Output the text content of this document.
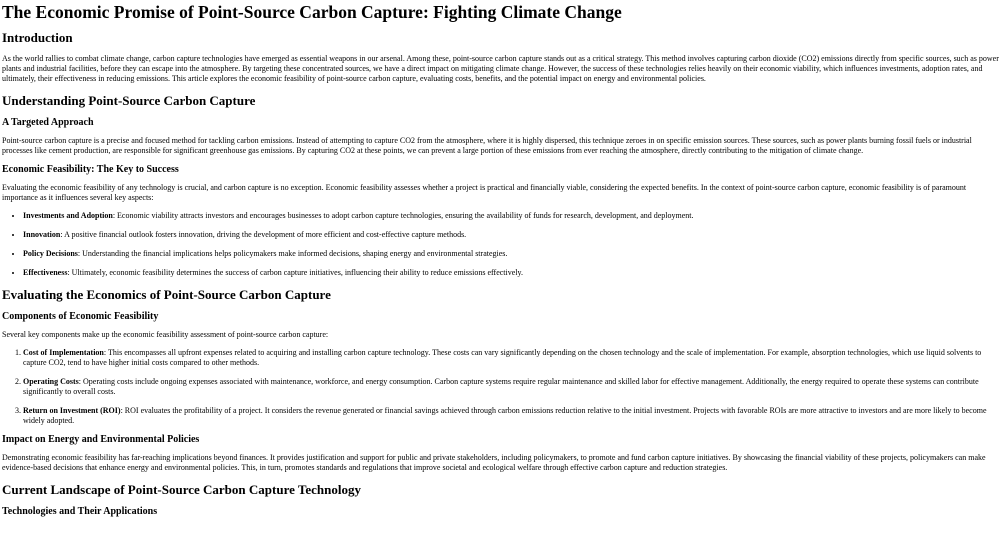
The Economic Promise of Point-Source Carbon Capture: Fighting Climate Change
Introduction

As the world rallies to combat climate change, carbon capture technologies have emerged as essential weapons in our arsenal. Among these, point-source carbon capture stands out as a critical strategy. This method involves capturing carbon dioxide (CO2) emissions directly from specific sources, such as power plants and industrial facilities, before they can escape into the atmosphere. By targeting these concentrated sources, we have a direct impact on mitigating climate change. However, the success of these technologies relies heavily on their economic viability, which influences investments, adoption rates, and ultimately, their effectiveness in reducing emissions. This article explores the economic feasibility of point-source carbon capture, evaluating costs, benefits, and the potential impact on energy and environmental policies.

Understanding Point-Source Carbon Capture
A Targeted Approach

Point-source carbon capture is a precise and focused method for tackling carbon emissions. Instead of attempting to capture CO2 from the atmosphere, where it is highly dispersed, this technique zeroes in on specific emission sources. These sources, such as power plants burning fossil fuels or industrial processes like cement production, are responsible for significant greenhouse gas emissions. By capturing CO2 at these points, we can prevent a large portion of these emissions from ever reaching the atmosphere, directly contributing to the mitigation of climate change.

Economic Feasibility: The Key to Success

Evaluating the economic feasibility of any technology is crucial, and carbon capture is no exception. Economic feasibility assesses whether a project is practical and financially viable, considering the expected benefits. In the context of point-source carbon capture, economic feasibility is of paramount importance as it influences several key aspects:

• Investments and Adoption: Economic viability attracts investors and encourages businesses to adopt carbon capture technologies, ensuring the availability of funds for research, development, and deployment.
• Innovation: A positive financial outlook fosters innovation, driving the development of more efficient and cost-effective capture methods.
• Policy Decisions: Understanding the financial implications helps policymakers make informed decisions, shaping energy and environmental strategies.
• Effectiveness: Ultimately, economic feasibility determines the success of carbon capture initiatives, influencing their ability to reduce emissions effectively.
Evaluating the Economics of Point-Source Carbon Capture
Components of Economic Feasibility

Several key components make up the economic feasibility assessment of point-source carbon capture:

1. Cost of Implementation: This encompasses all upfront expenses related to acquiring and installing carbon capture technology. These costs can vary significantly depending on the chosen technology and the scale of implementation. For example, absorption technologies, which use liquid solvents to capture CO2, tend to have higher initial costs compared to other methods.
2. Operating Costs: Operating costs include ongoing expenses associated with maintenance, workforce, and energy consumption. Carbon capture systems require regular maintenance and skilled labor for effective management. Additionally, the energy required to operate these systems can contribute significantly to overall costs.
3. Return on Investment (ROI): ROI evaluates the profitability of a project. It considers the revenue generated or financial savings achieved through carbon emissions reduction relative to the initial investment. Projects with favorable ROIs are more attractive to investors and are more likely to become widely adopted.
Impact on Energy and Environmental Policies

Demonstrating economic feasibility has far-reaching implications beyond finances. It provides justification and support for public and private stakeholders, including policymakers, to promote and fund carbon capture initiatives. By showcasing the financial viability of these projects, policymakers can make evidence-based decisions that enhance energy and environmental policies. This, in turn, promotes standards and regulations that improve societal and ecological welfare through effective carbon capture and reduction strategies.

Current Landscape of Point-Source Carbon Capture Technology
Technologies and Their Applications
